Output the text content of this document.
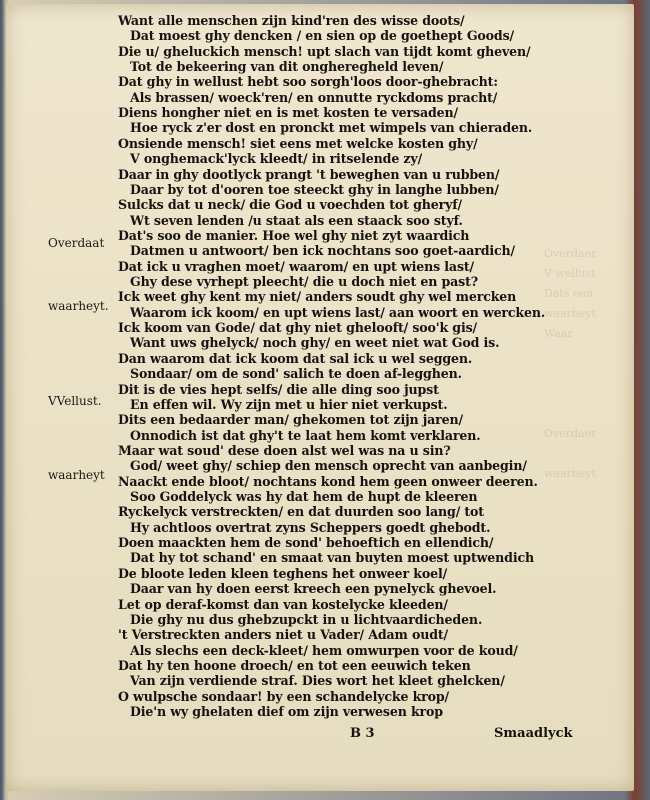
Overdaer
V wellust
Dats een
waarheyt
Waar
Overdaer
waarheyt
Want alle menschen zijn kind'ren des wisse doots/
Dat moest ghy dencken / en sien op de goethept Goods/
Die u/ gheluckich mensch! upt slach van tijdt komt gheven/
Tot de bekeering van dit ongheregheld leven/
Dat ghy in wellust hebt soo sorgh'loos door-ghebracht:
Als brassen/ woeck'ren/ en onnutte ryckdoms pracht/
Diens hongher niet en is met kosten te versaden/
Hoe ryck z'er dost en pronckt met wimpels van chieraden.
Onsiende mensch! siet eens met welcke kosten ghy/
V onghemack'lyck kleedt/ in ritselende zy/
Daar in ghy dootlyck prangt 't beweghen van u rubben/
Daar by tot d'ooren toe steeckt ghy in langhe lubben/
Sulcks dat u neck/ die God u voechden tot gheryf/
Wt seven lenden /u staat als een staack soo styf.
Dat's soo de manier. Hoe wel ghy niet zyt waardich
Datmen u antwoort/ ben ick nochtans soo goet-aardich/
Dat ick u vraghen moet/ waarom/ en upt wiens last/
Ghy dese vyrhept pleecht/ die u doch niet en past?
Ick weet ghy kent my niet/ anders soudt ghy wel mercken
Waarom ick koom/ en upt wiens last/ aan woort en wercken.
Ick koom van Gode/ dat ghy niet ghelooft/ soo'k gis/
Want uws ghelyck/ noch ghy/ en weet niet wat God is.
Dan waarom dat ick koom dat sal ick u wel seggen.
Sondaar/ om de sond' salich te doen af-legghen.
Dit is de vies hept selfs/ die alle ding soo jupst
En effen wil. Wy zijn met u hier niet verkupst.
Dits een bedaarder man/ ghekomen tot zijn jaren/
Onnodich ist dat ghy't te laat hem komt verklaren.
Maar wat soud' dese doen alst wel was na u sin?
God/ weet ghy/ schiep den mensch oprecht van aanbegin/
Naackt ende bloot/ nochtans kond hem geen onweer deeren.
Soo Goddelyck was hy dat hem de hupt de kleeren
Ryckelyck verstreckten/ en dat duurden soo lang/ tot
Hy achtloos overtrat zyns Scheppers goedt ghebodt.
Doen maackten hem de sond' behoeftich en ellendich/
Dat hy tot schand' en smaat van buyten moest uptwendich
De bloote leden kleen teghens het onweer koel/
Daar van hy doen eerst kreech een pynelyck ghevoel.
Let op deraf-komst dan van kostelycke kleeden/
Die ghy nu dus ghebzupckt in u lichtvaardicheden.
't Verstreckten anders niet u Vader/ Adam oudt/
Als slechs een deck-kleet/ hem omwurpen voor de koud/
Dat hy ten hoone droech/ en tot een eeuwich teken
Van zijn verdiende straf. Dies wort het kleet ghelcken/
O wulpsche sondaar! by een schandelycke krop/
Die'n wy ghelaten dief om zijn verwesen krop
Overdaat
waarheyt.
VVellust.
waarheyt
B 3	Smaadlyck
